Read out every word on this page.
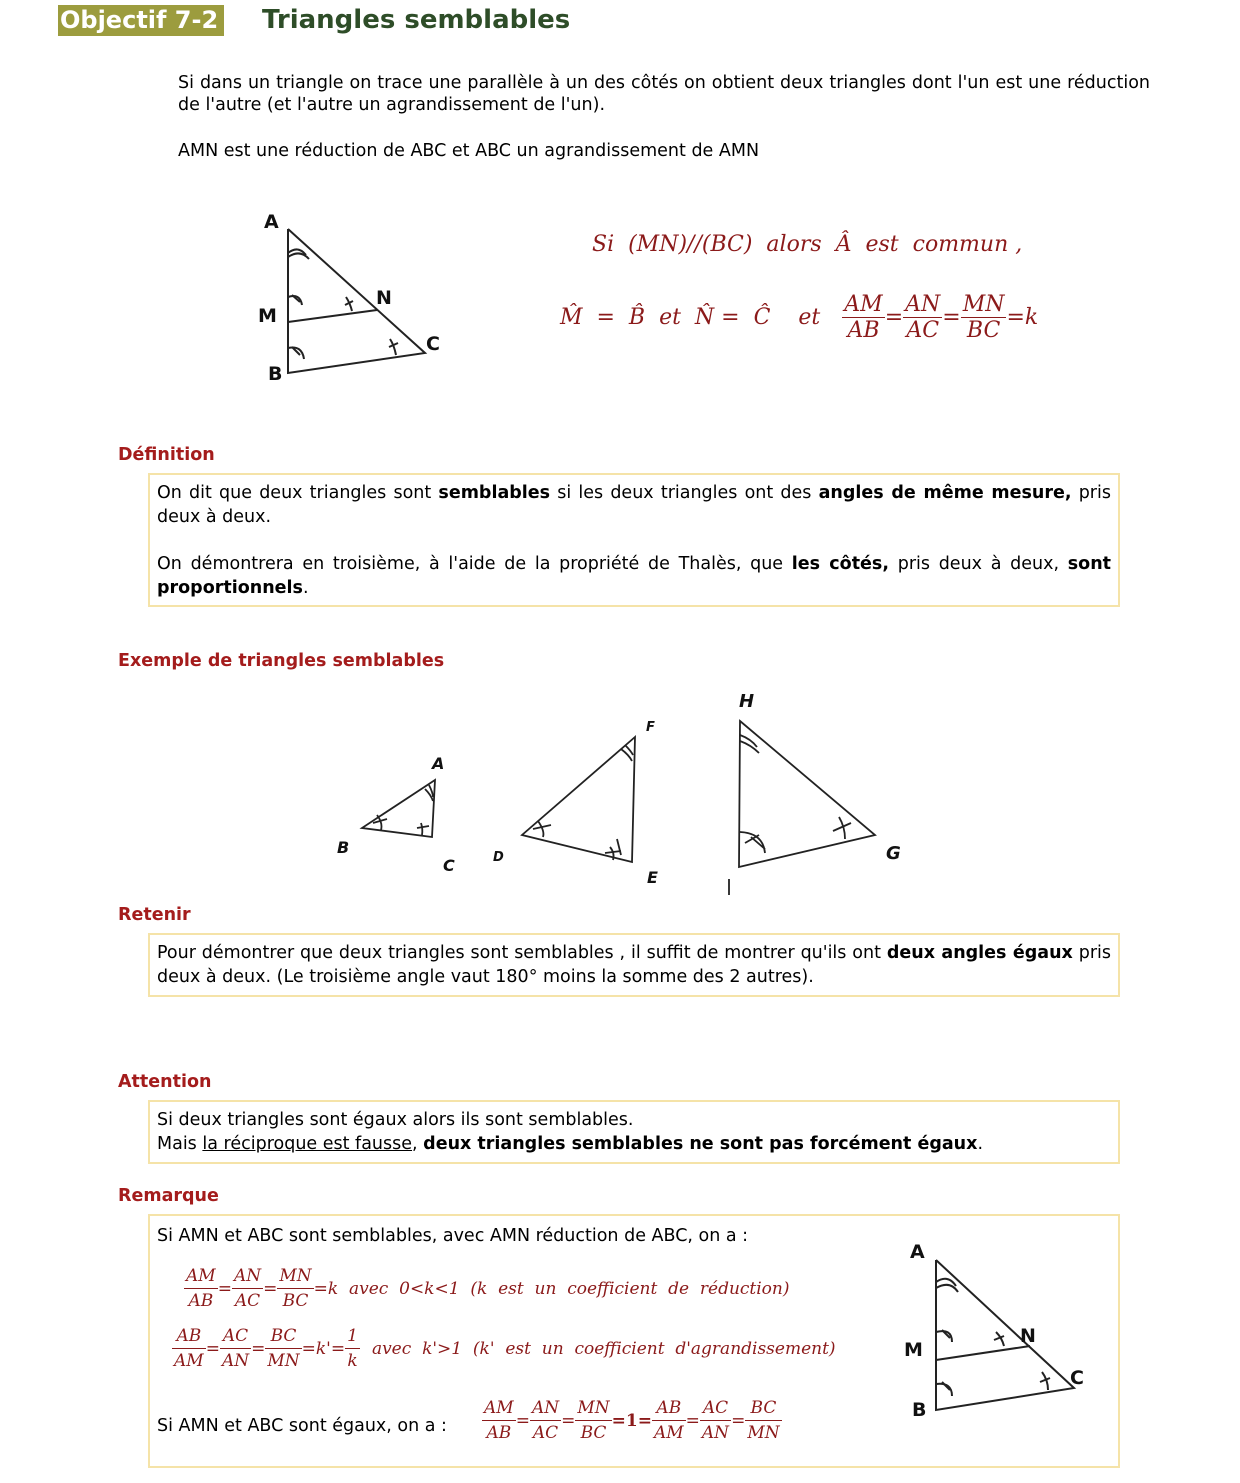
Objectif 7-2 Triangles semblables
Si dans un triangle on trace une parallèle à un des côtés on obtient deux triangles dont l'un est une réduction de l'autre (et l'autre un agrandissement de l'un).
AMN est une réduction de ABC et ABC un agrandissement de AMN
A
M
N
B
C
Si  (MN)//(BC)  alors  Â  est  commun ,
M̂  =  B̂  et  N̂ =  Ĉ    et $\frac{AM}{AB} = \frac{AN}{AC} = \frac{MN}{BC} =k$
Définition

On dit que deux triangles sont semblables si les deux triangles ont des angles de même mesure, pris deux à deux.

On démontrera en troisième, à l'aide de la propriété de Thalès, que les côtés, pris deux à deux, sont proportionnels.

Exemple de triangles semblables
A
B
C	D
E
F
H
G
I
Retenir

Pour démontrer que deux triangles sont semblables , il suffit de montrer qu'ils ont deux angles égaux pris deux à deux. (Le troisième angle vaut 180° moins la somme des 2 autres).

Attention

Si deux triangles sont égaux alors ils sont semblables.

Mais la réciproque est fausse, deux triangles semblables ne sont pas forcément égaux.

Remarque
Si AMN et ABC sont semblables, avec AMN réduction de ABC, on a :
$\frac{AM}{AB} = \frac{AN}{AC} = \frac{MN}{BC} =k$  avec  0<k<1  (k  est  un  coefficient  de  réduction)
$\frac{AB}{AM} = \frac{AC}{AN} = \frac{BC}{MN} =k'= \frac{1}{k}$ avec  k'>1  (k'  est  un  coefficient  d'agrandissement)
Si AMN et ABC sont égaux, on a : $\frac{AM}{AB} = \frac{AN}{AC} = \frac{MN}{BC} =1= \frac{AB}{AM} = \frac{AC}{AN} = \frac{BC}{MN}$
A
M
N
B
C
